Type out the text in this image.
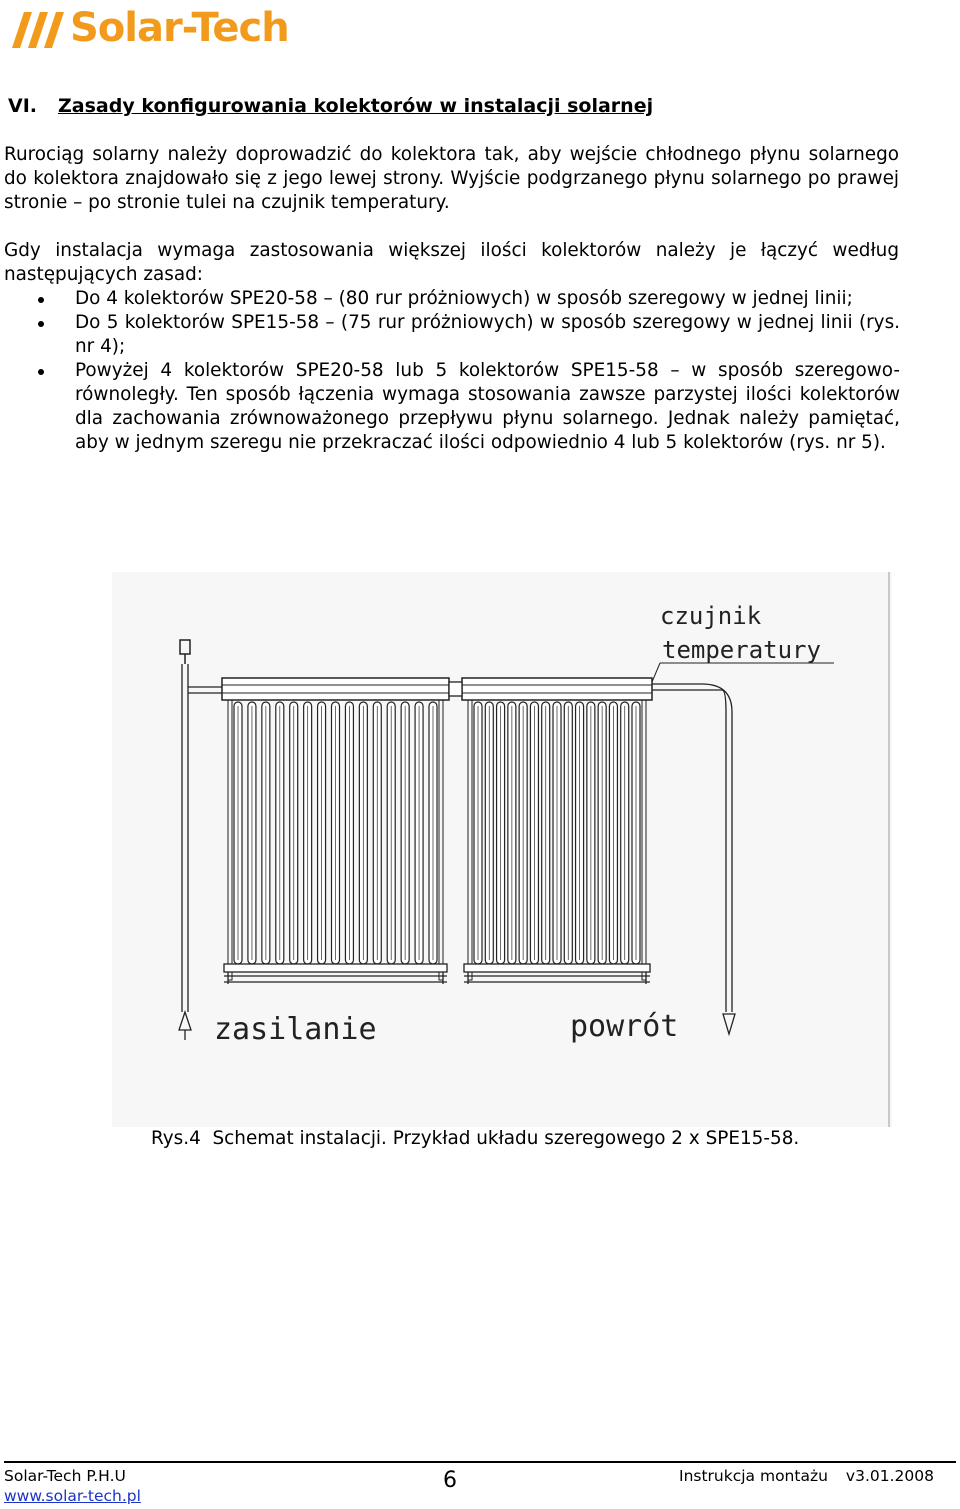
Solar-Tech
VI. Zasady konfigurowania kolektorów w instalacji solarnej

Rurociąg solarny należy doprowadzić do kolektora tak, aby wejście chłodnego płynu solarnego do kolektora znajdowało się z jego lewej strony. Wyjście podgrzanego płynu solarnego po prawej stronie – po stronie tulei na czujnik temperatury.

Gdy instalacja wymaga zastosowania większej ilości kolektorów należy je łączyć według następujących zasad:

Do 4 kolektorów SPE20-58 – (80 rur próżniowych) w sposób szeregowy w jednej linii;
Do 5 kolektorów SPE15-58 – (75 rur próżniowych) w sposób szeregowy w jednej linii (rys. nr 4);
Powyżej 4 kolektorów SPE20-58 lub 5 kolektorów SPE15-58 – w sposób szeregowo-równoległy. Ten sposób łączenia wymaga stosowania zawsze parzystej ilości kolektorów dla zachowania zrównoważonego przepływu płynu solarnego. Jednak należy pamiętać, aby w jednym szeregu nie przekraczać ilości odpowiednio 4 lub 5 kolektorów (rys. nr 5).
czujnik
temperatury
zasilanie	powrót
Rys.4 Schemat instalacji. Przykład układu szeregowego 2 x SPE15-58.
Solar-Tech P.H.U
www.solar-tech.pl
6	Instrukcja montażu v3.01.2008
